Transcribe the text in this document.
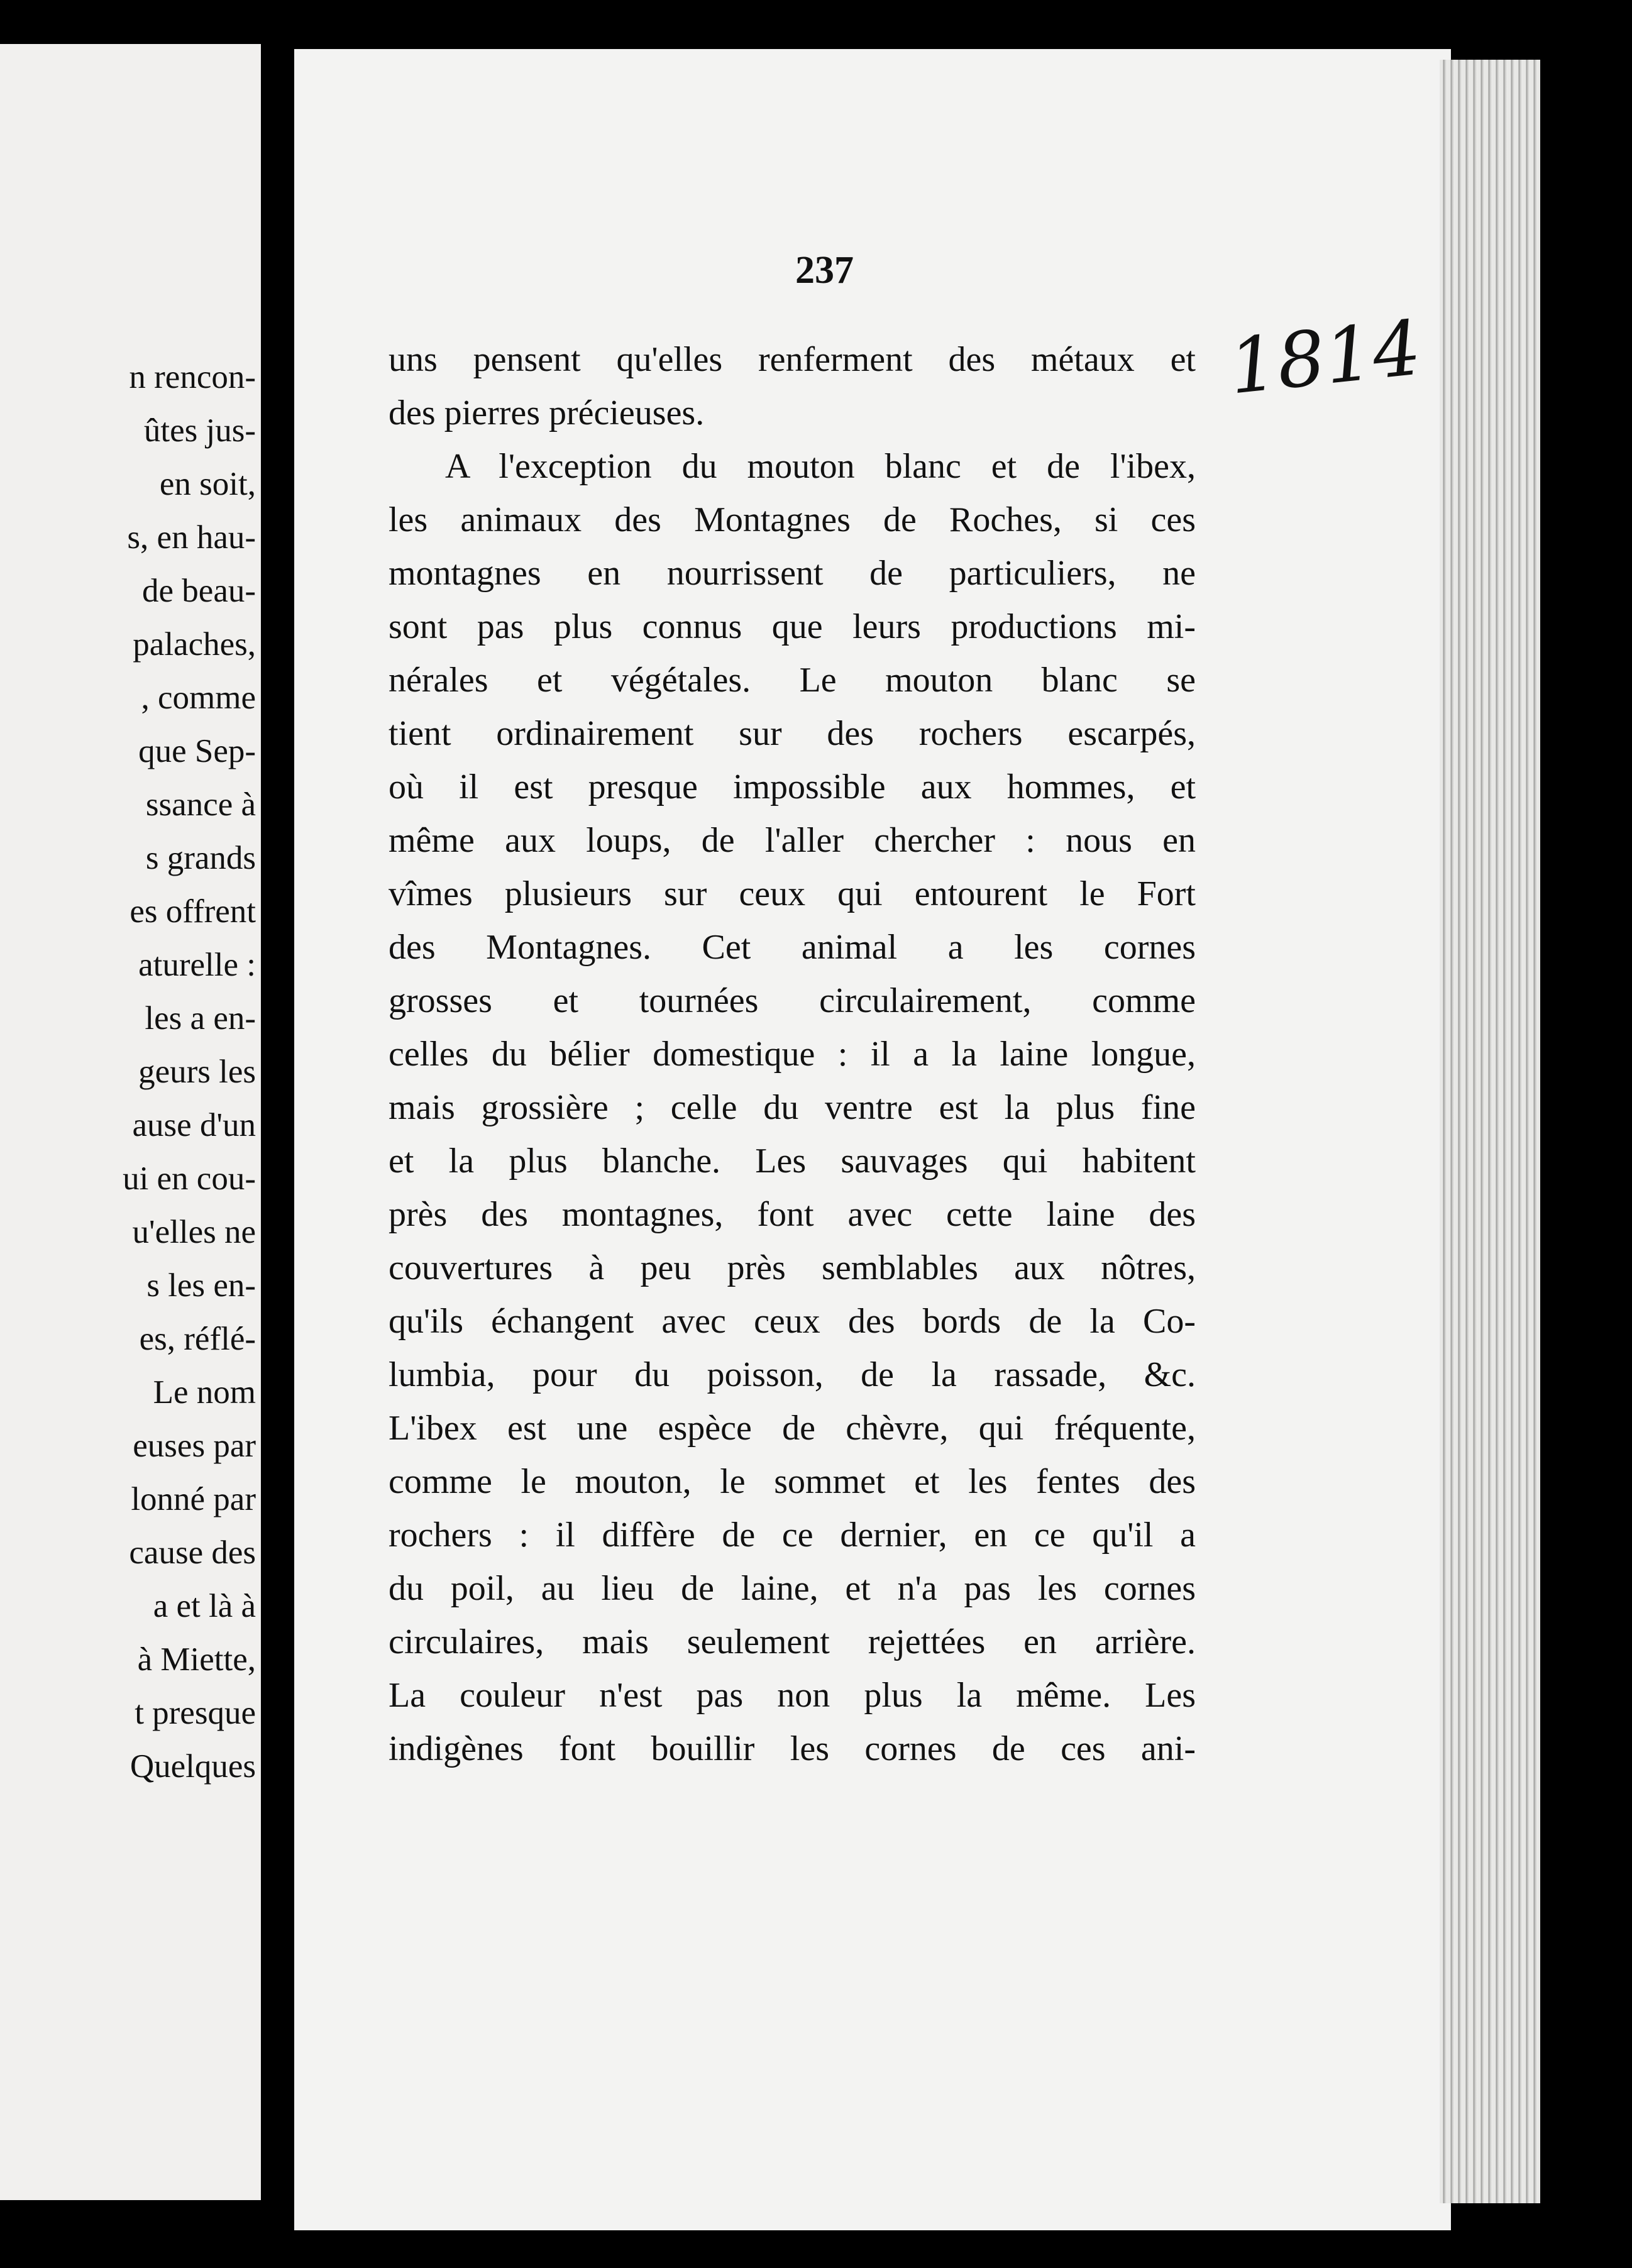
n rencon-
ûtes jus-
en soit,
s, en hau-
de beau-
palaches,
, comme
que Sep-
ssance à
s grands
es offrent
aturelle :
les a en-
geurs les
ause d'un
ui en cou-
u'elles ne
s les en-
es, réflé-
Le nom
euses par
lonné par
cause des
a et là à
à Miette,
t presque
Quelques
237
1814
uns pensent qu'elles renferment des métaux et
des pierres précieuses.
A l'exception du mouton blanc et de l'ibex,
les animaux des Montagnes de Roches, si ces
montagnes en nourrissent de particuliers, ne
sont pas plus connus que leurs productions mi-
nérales et végétales. Le mouton blanc se
tient ordinairement sur des rochers escarpés,
où il est presque impossible aux hommes, et
même aux loups, de l'aller chercher : nous en
vîmes plusieurs sur ceux qui entourent le Fort
des Montagnes. Cet animal a les cornes
grosses et tournées circulairement, comme
celles du bélier domestique : il a la laine longue,
mais grossière ; celle du ventre est la plus fine
et la plus blanche. Les sauvages qui habitent
près des montagnes, font avec cette laine des
couvertures à peu près semblables aux nôtres,
qu'ils échangent avec ceux des bords de la Co-
lumbia, pour du poisson, de la rassade, &c.
L'ibex est une espèce de chèvre, qui fréquente,
comme le mouton, le sommet et les fentes des
rochers : il diffère de ce dernier, en ce qu'il a
du poil, au lieu de laine, et n'a pas les cornes
circulaires, mais seulement rejettées en arrière.
La couleur n'est pas non plus la même. Les
indigènes font bouillir les cornes de ces ani-
